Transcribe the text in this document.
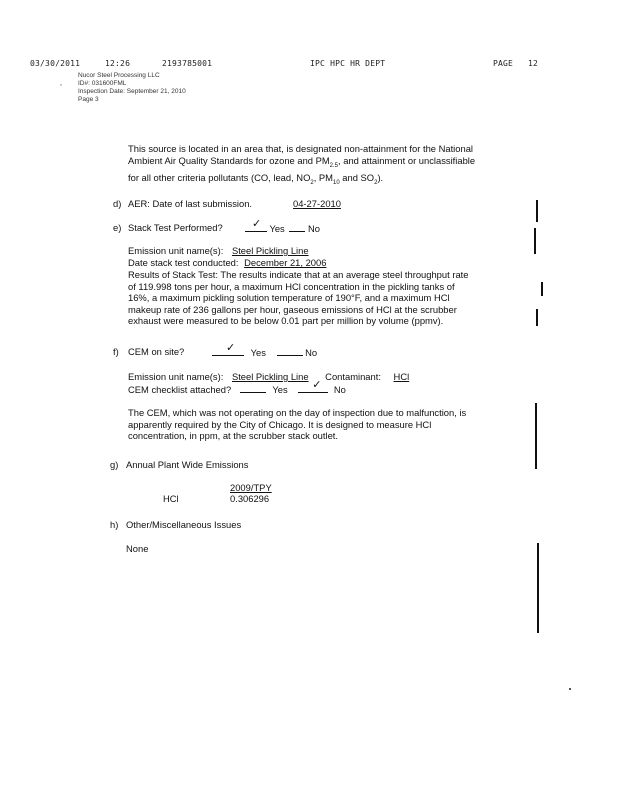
03/30/2011	12:26	2193785001	IPC HPC HR DEPT	PAGE 12
,
Nucor Steel Processing LLC
ID#: 031600FML
Inspection Date: September 21, 2010
Page 3
This source is located in an area that, is designated non-attainment for the National
Ambient Air Quality Standards for ozone and $PM_{2.5}$, and attainment or unclassifiable
for all other criteria pollutants (CO, lead, $NO_2$, $PM_{10}$ and $SO_2$).
d) AER: Date of last submission.	04-27-2010
e) Stack Test Performed?	✓ Yes No
Emission unit name(s): Steel Pickling Line
Date stack test conducted: December 21, 2006
Results of Stack Test: The results indicate that at an average steel throughput rate
of 119.998 tons per hour, a maximum HCl concentration in the pickling tanks of
16%, a maximum pickling solution temperature of 190°F, and a maximum HCl
makeup rate of 236 gallons per hour, gaseous emissions of HCl at the scrubber
exhaust were measured to be below 0.01 part per million by volume (ppmv).
f) CEM on site?	✓ Yes	No
Emission unit name(s): Steel Pickling Line Contaminant: HCl
CEM checklist attached?	Yes ✓ No
The CEM, which was not operating on the day of inspection due to malfunction, is
apparently required by the City of Chicago. It is designed to measure HCl
concentration, in ppm, at the scrubber stack outlet.
g) Annual Plant Wide Emissions
2009/TPY
HCl	0.306296
h) Other/Miscellaneous Issues
None
